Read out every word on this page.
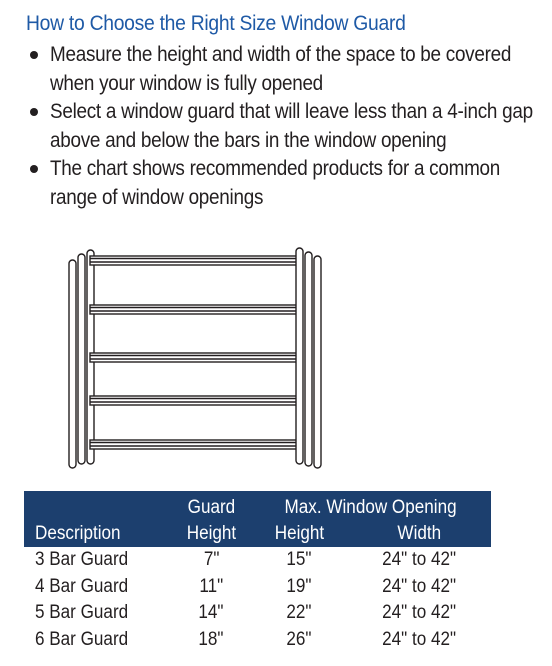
How to Choose the Right Size Window Guard
Measure the height and width of the space to be covered when your window is fully opened
Select a window guard that will leave less than a 4-inch gap above and below the bars in the window opening
The chart shows recommended products for a common range of window openings
	Guard	Max. Window Opening	
Description	Height	Height	Width
3 Bar Guard	7"	15"	24" to 42"
4 Bar Guard	11"	19"	24" to 42"
5 Bar Guard	14"	22"	24" to 42"
6 Bar Guard	18"	26"	24" to 42"
